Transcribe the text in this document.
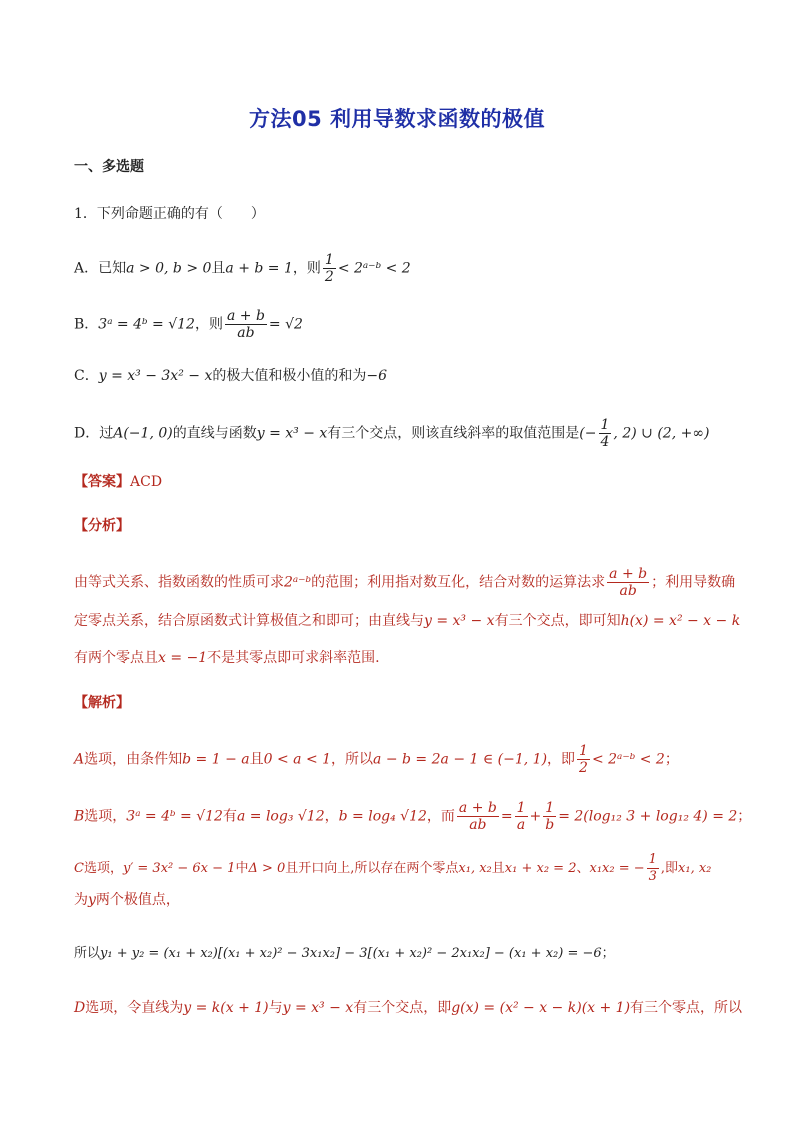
方法05 利用导数求函数的极值
一、多选题
1．下列命题正确的有（　　）
A．已知a > 0, b > 0且a + b = 1，则 $\frac{1}{2}$ < 2ᵃ⁻ᵇ < 2
B．3ᵃ = 4ᵇ = √12，则 $\frac{a + b}{ab} = √2$
C．y = x³ − 3x² − x的极大值和极小值的和为−6
D．过A(−1, 0)的直线与函数y = x³ − x有三个交点，则该直线斜率的取值范围是(− $\frac{1}{4}$ , 2) ∪ (2, +∞)
【答案】ACD
【分析】
由等式关系、指数函数的性质可求2ᵃ⁻ᵇ的范围；利用指对数互化，结合对数的运算法求 $\frac{a + b}{ab}$ ；利用导数确
定零点关系，结合原函数式计算极值之和即可；由直线与y = x³ − x有三个交点，即可知h(x) = x² − x − k
有两个零点且x = −1不是其零点即可求斜率范围.
【解析】
A选项，由条件知b = 1 − a且0 < a < 1，所以a − b = 2a − 1 ∈ (−1, 1)，即 $\frac{1}{2}$ < 2ᵃ⁻ᵇ < 2；
B选项，3ᵃ = 4ᵇ = √12有a = log₃ √12，b = log₄ √12，而 $\frac{a + b}{ab} = \frac{1}{a} + \frac{1}{b} = 2(\log_{12}$ 3 + log₁₂ 4) = 2；
C选项，y′ = 3x² − 6x − 1中Δ > 0且开口向上,所以存在两个零点x₁, x₂且x₁ + x₂ = 2、x₁x₂ = − $\frac{1}{3}$ ,即x₁, x₂
为y两个极值点，
所以y₁ + y₂ = (x₁ + x₂)[(x₁ + x₂)² − 3x₁x₂] − 3[(x₁ + x₂)² − 2x₁x₂] − (x₁ + x₂) = −6；
D选项，令直线为y = k(x + 1)与y = x³ − x有三个交点，即g(x) = (x² − x − k)(x + 1)有三个零点，所以
